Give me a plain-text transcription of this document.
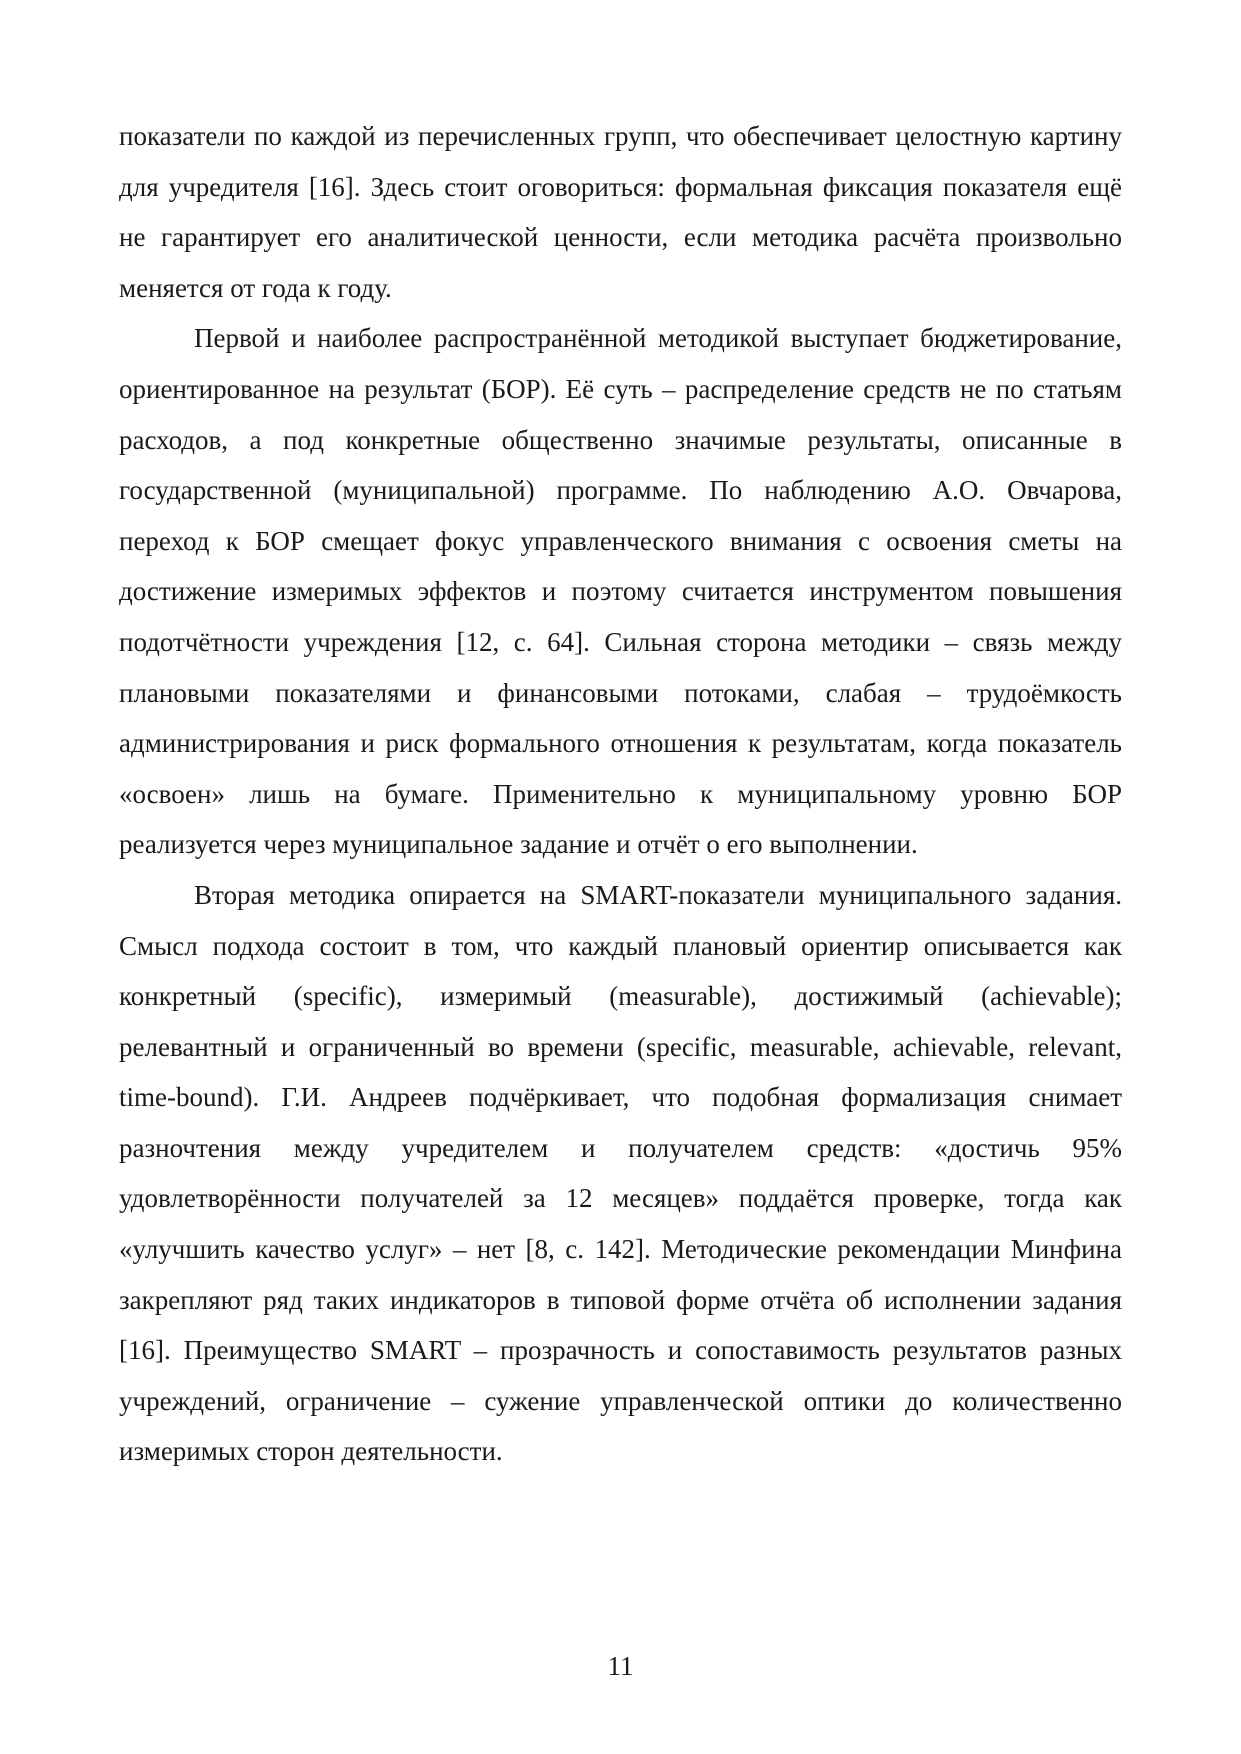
показатели по каждой из перечисленных групп, что обеспечивает целостную картину для учредителя [16]. Здесь стоит оговориться: формальная фиксация показателя ещё не гарантирует его аналитической ценности, если методика расчёта произвольно меняется от года к году.

Первой и наиболее распространённой методикой выступает бюджетирование, ориентированное на результат (БОР). Её суть – распределение средств не по статьям расходов, а под конкретные общественно значимые результаты, описанные в государственной (муниципальной) программе. По наблюдению А.О. Овчарова, переход к БОР смещает фокус управленческого внимания с освоения сметы на достижение измеримых эффектов и поэтому считается инструментом повышения подотчётности учреждения [12, с. 64]. Сильная сторона методики – связь между плановыми показателями и финансовыми потоками, слабая – трудоёмкость администрирования и риск формального отношения к результатам, когда показатель «освоен» лишь на бумаге. Применительно к муниципальному уровню БОР реализуется через муниципальное задание и отчёт о его выполнении.

Вторая методика опирается на SMART-показатели муниципального задания. Смысл подхода состоит в том, что каждый плановый ориентир описывается как конкретный (specific), измеримый (measurable), достижимый (achievable); релевантный и ограниченный во времени (specific, measurable, achievable, relevant, time-bound). Г.И. Андреев подчёркивает, что подобная формализация снимает разночтения между учредителем и получателем средств: «достичь 95% удовлетворённости получателей за 12 месяцев» поддаётся проверке, тогда как «улучшить качество услуг» – нет [8, с. 142]. Методические рекомендации Минфина закрепляют ряд таких индикаторов в типовой форме отчёта об исполнении задания [16]. Преимущество SMART – прозрачность и сопоставимость результатов разных учреждений, ограничение – сужение управленческой оптики до количественно измеримых сторон деятельности.

11
